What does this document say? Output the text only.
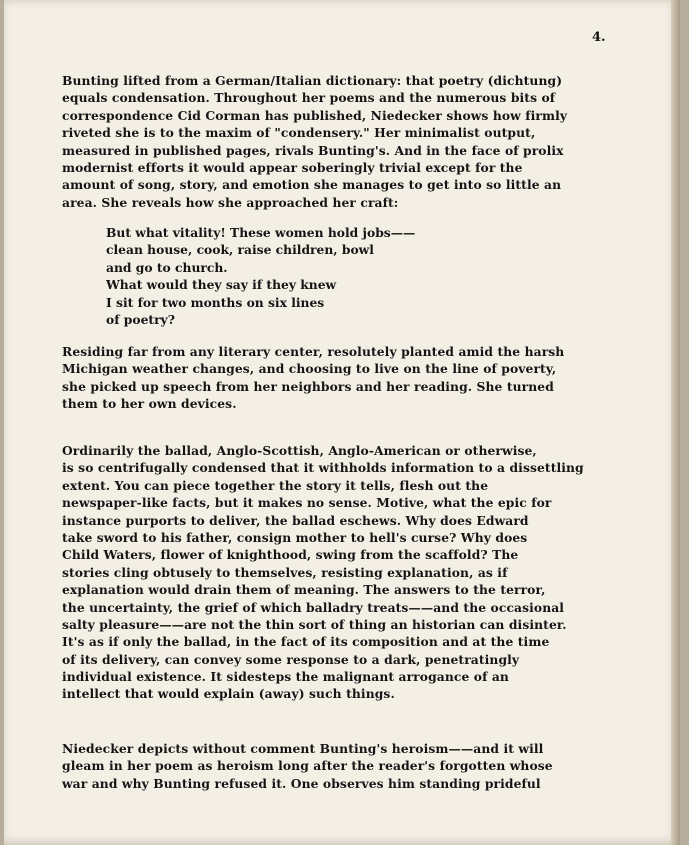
4.
Bunting lifted from a German/Italian dictionary: that poetry (dichtung)
equals condensation. Throughout her poems and the numerous bits of
correspondence Cid Corman has published, Niedecker shows how firmly
riveted she is to the maxim of "condensery." Her minimalist output,
measured in published pages, rivals Bunting's. And in the face of prolix
modernist efforts it would appear soberingly trivial except for the
amount of song, story, and emotion she manages to get into so little an
area. She reveals how she approached her craft:
But what vitality! These women hold jobs——
clean house, cook, raise children, bowl
and go to church.
What would they say if they knew
I sit for two months on six lines
of poetry?
Residing far from any literary center, resolutely planted amid the harsh
Michigan weather changes, and choosing to live on the line of poverty,
she picked up speech from her neighbors and her reading. She turned
them to her own devices.
Ordinarily the ballad, Anglo-Scottish, Anglo-American or otherwise,
is so centrifugally condensed that it withholds information to a dissettling
extent. You can piece together the story it tells, flesh out the
newspaper-like facts, but it makes no sense. Motive, what the epic for
instance purports to deliver, the ballad eschews. Why does Edward
take sword to his father, consign mother to hell's curse? Why does
Child Waters, flower of knighthood, swing from the scaffold? The
stories cling obtusely to themselves, resisting explanation, as if
explanation would drain them of meaning. The answers to the terror,
the uncertainty, the grief of which balladry treats——and the occasional
salty pleasure——are not the thin sort of thing an historian can disinter.
It's as if only the ballad, in the fact of its composition and at the time
of its delivery, can convey some response to a dark, penetratingly
individual existence. It sidesteps the malignant arrogance of an
intellect that would explain (away) such things.
Niedecker depicts without comment Bunting's heroism——and it will
gleam in her poem as heroism long after the reader's forgotten whose
war and why Bunting refused it. One observes him standing prideful
